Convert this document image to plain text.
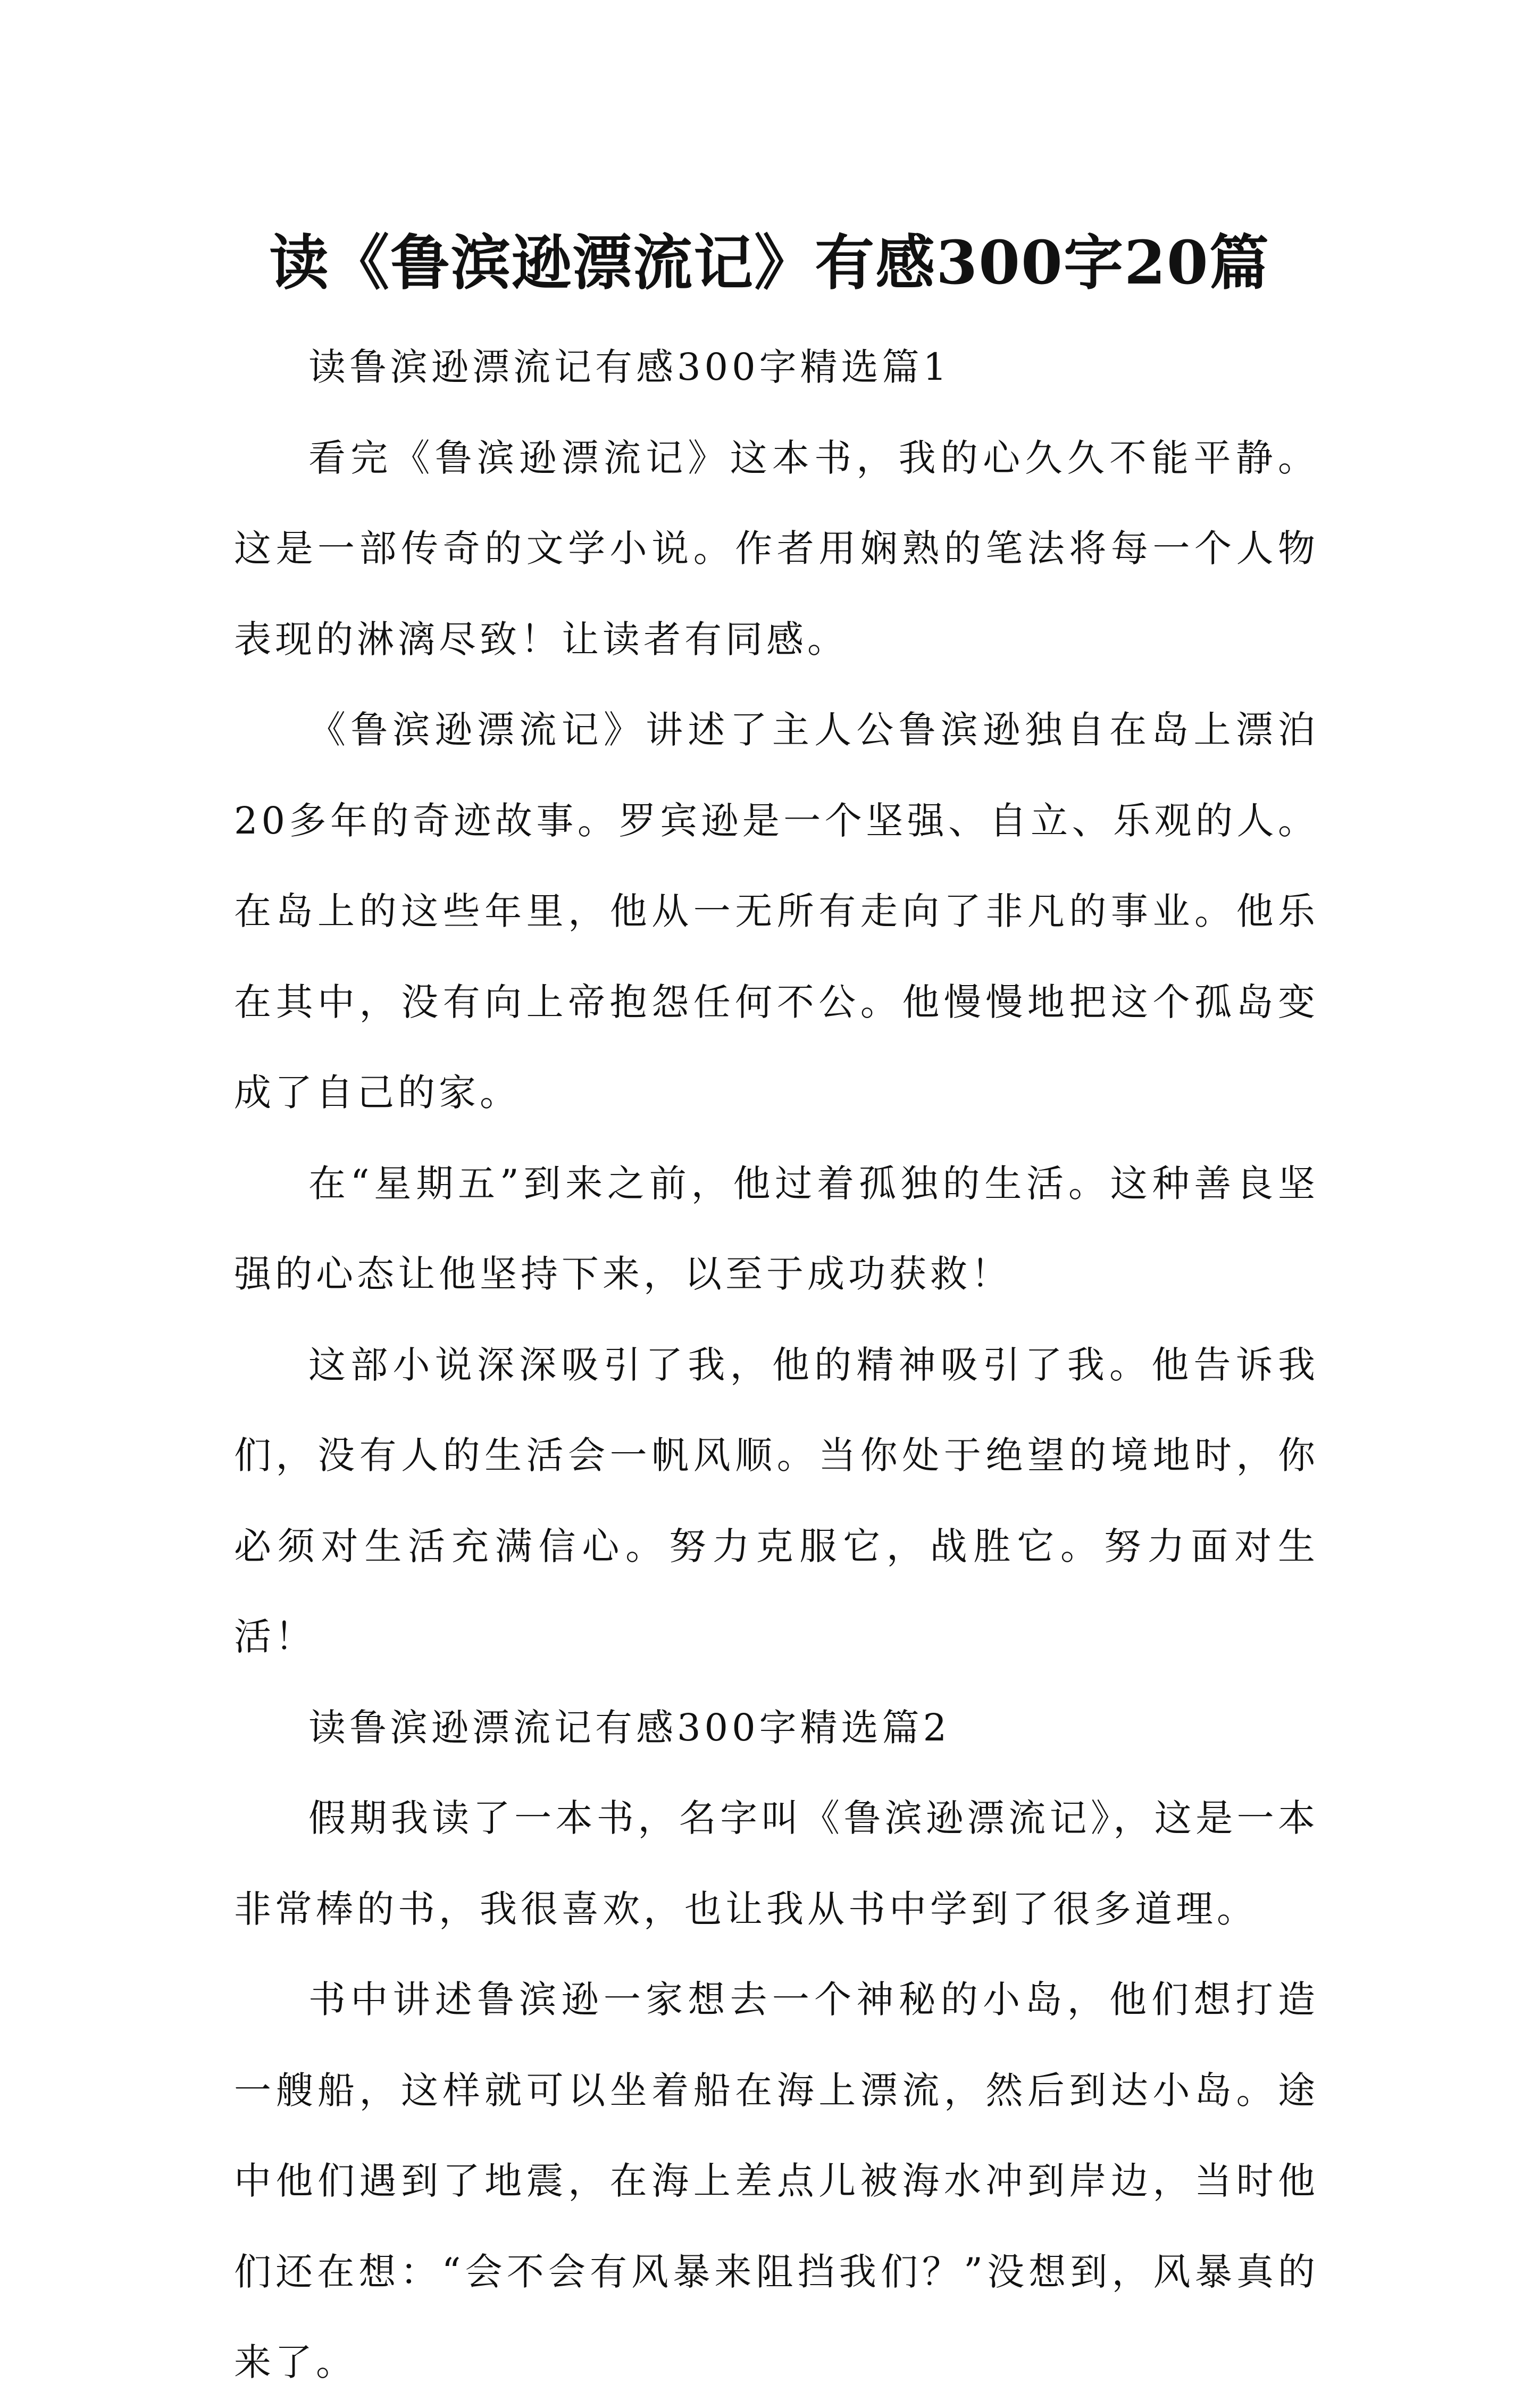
读《鲁滨逊漂流记》有感300字20篇

读鲁滨逊漂流记有感300字精选篇1

看完《鲁滨逊漂流记》这本书，我的心久久不能平静。这是一部传奇的文学小说。作者用娴熟的笔法将每一个人物表现的淋漓尽致！让读者有同感。

《鲁滨逊漂流记》讲述了主人公鲁滨逊独自在岛上漂泊20多年的奇迹故事。罗宾逊是一个坚强、自立、乐观的人。在岛上的这些年里，他从一无所有走向了非凡的事业。他乐在其中，没有向上帝抱怨任何不公。他慢慢地把这个孤岛变成了自己的家。

在“星期五”到来之前，他过着孤独的生活。这种善良坚强的心态让他坚持下来，以至于成功获救！

这部小说深深吸引了我，他的精神吸引了我。他告诉我们，没有人的生活会一帆风顺。当你处于绝望的境地时，你必须对生活充满信心。努力克服它，战胜它。努力面对生活！

读鲁滨逊漂流记有感300字精选篇2

假期我读了一本书，名字叫《鲁滨逊漂流记》，这是一本非常棒的书，我很喜欢，也让我从书中学到了很多道理。

书中讲述鲁滨逊一家想去一个神秘的小岛，他们想打造一艘船，这样就可以坐着船在海上漂流，然后到达小岛。途中他们遇到了地震，在海上差点儿被海水冲到岸边，当时他们还在想：“会不会有风暴来阻挡我们？”没想到，风暴真的来了。
